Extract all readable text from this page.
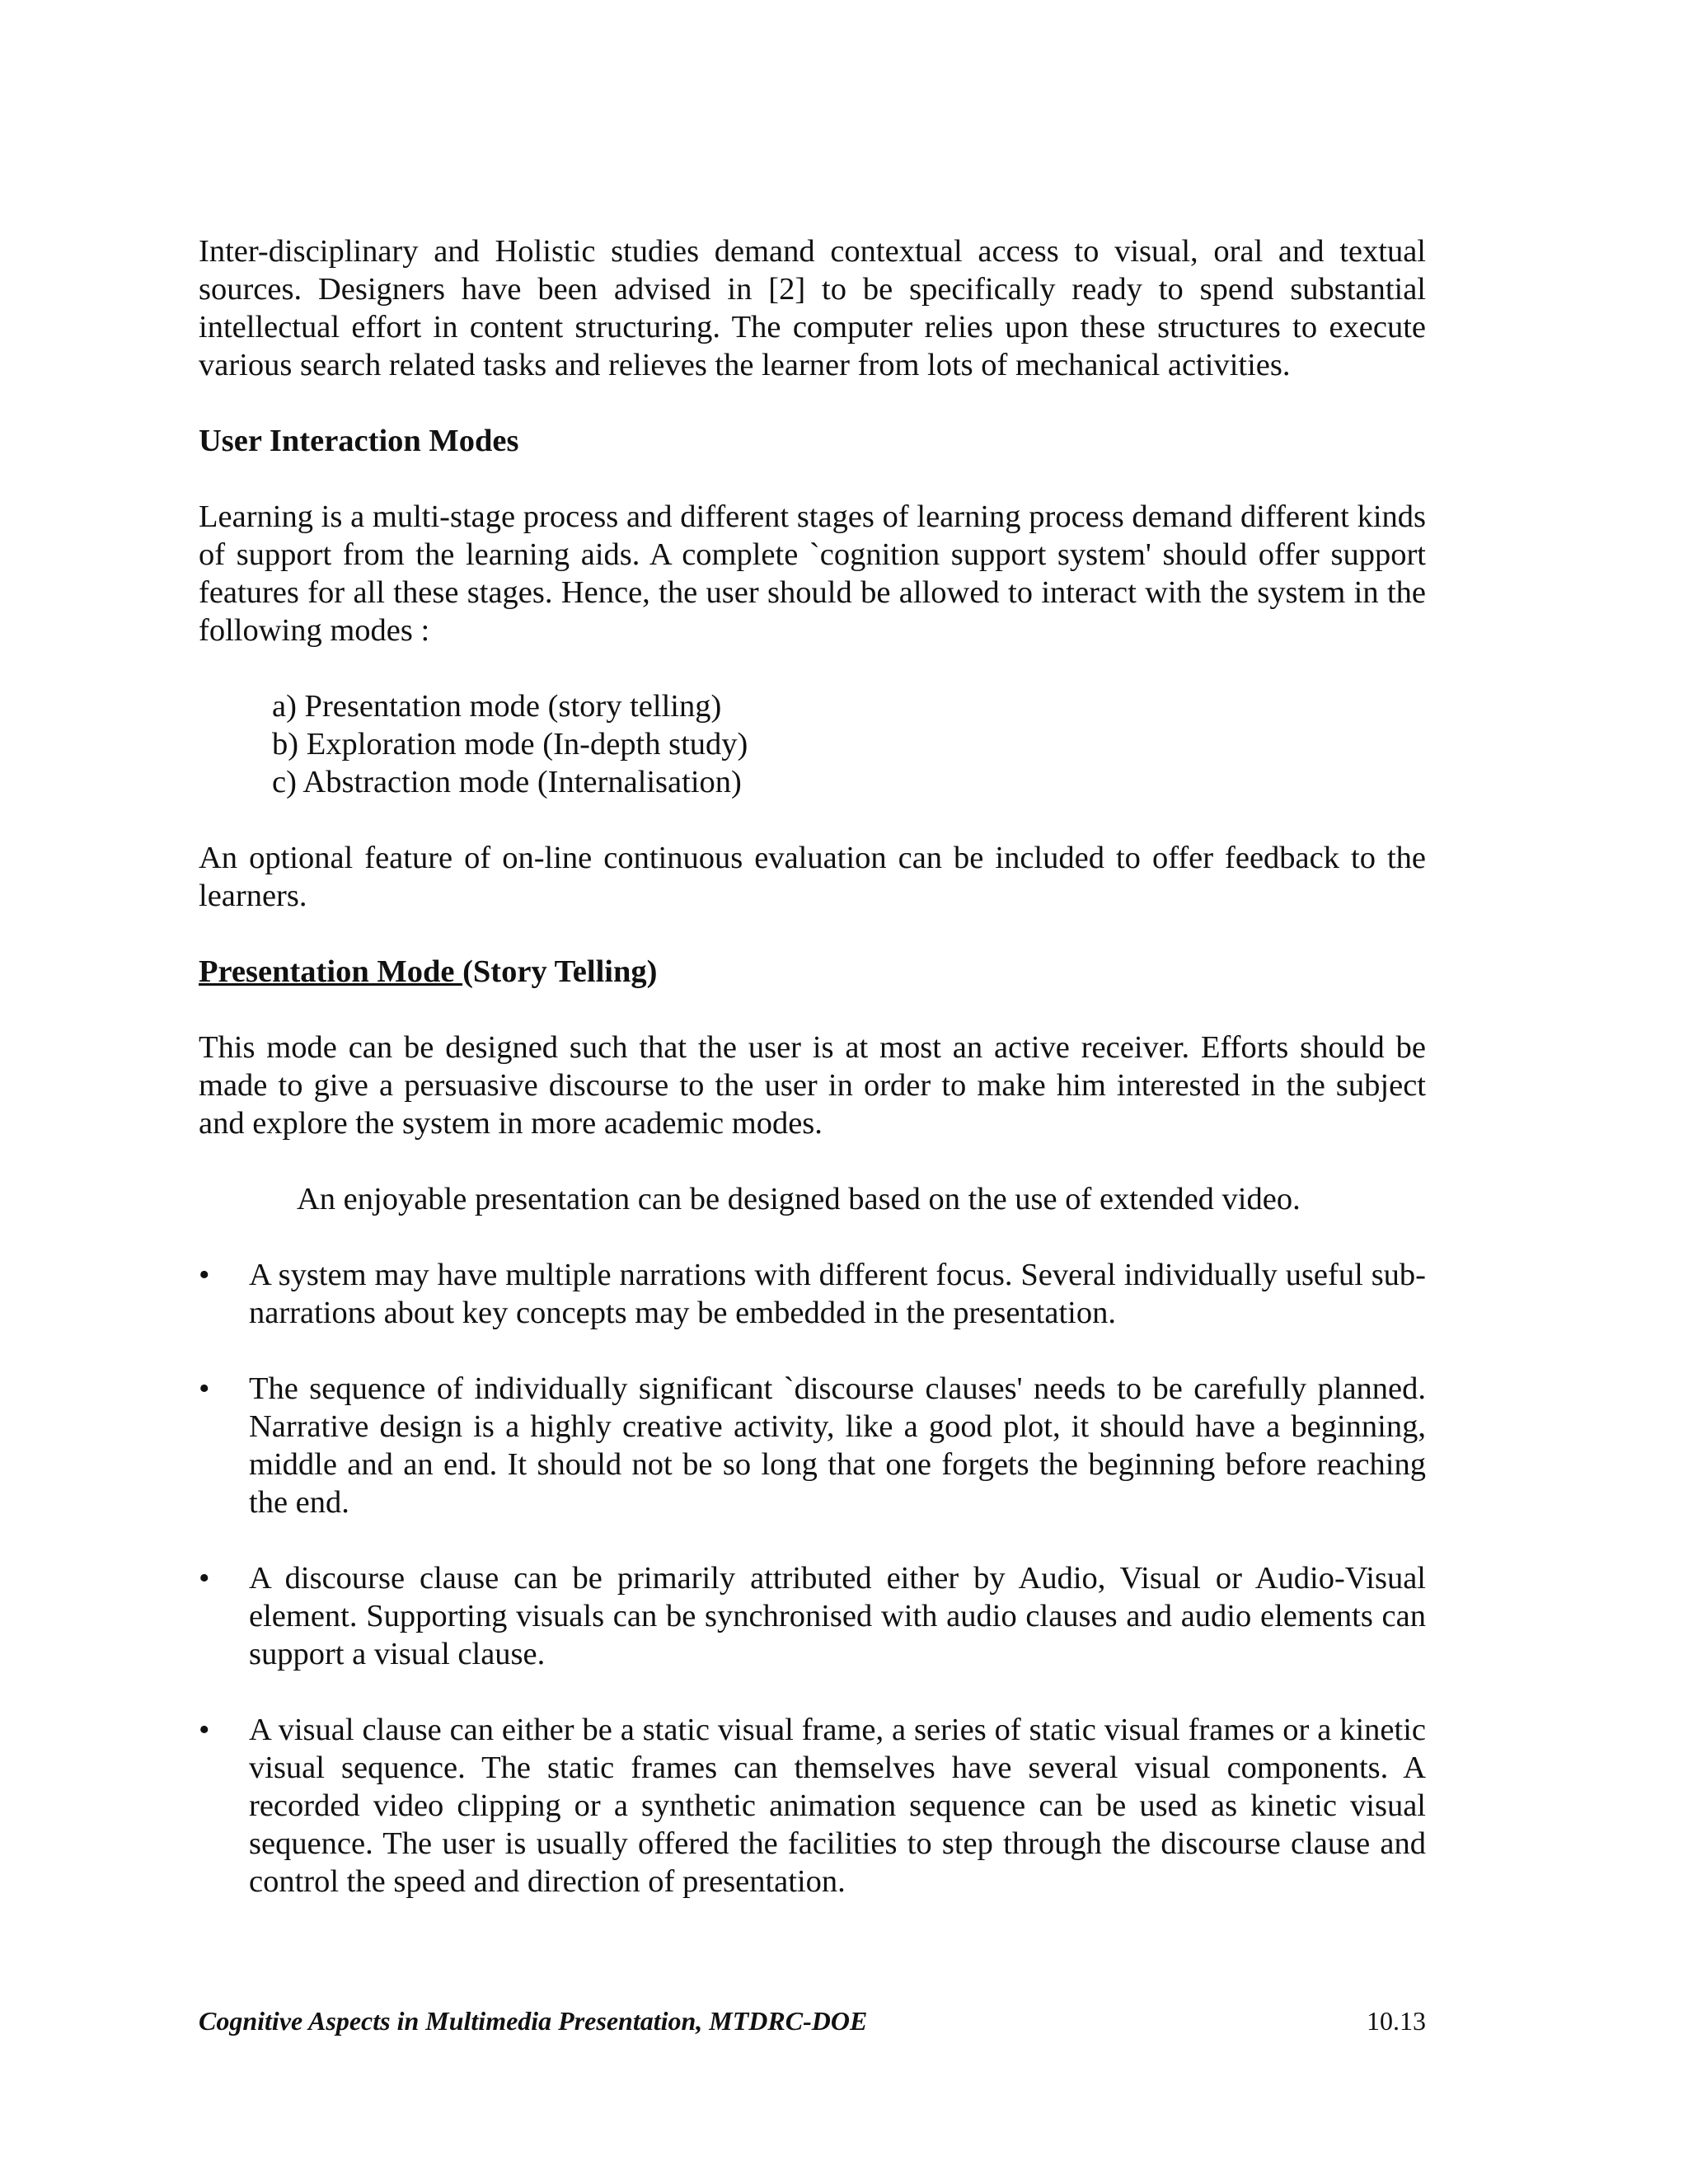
Inter-disciplinary and Holistic studies demand contextual access to visual, oral and textual sources. Designers have been advised in [2] to be specifically ready to spend substantial intellectual effort in content structuring. The computer relies upon these structures to execute various search related tasks and relieves the learner from lots of mechanical activities.

User Interaction Modes

Learning is a multi-stage process and different stages of learning process demand different kinds of support from the learning aids. A complete `cognition support system' should offer support features for all these stages. Hence, the user should be allowed to interact with the system in the following modes :

a) Presentation mode (story telling)
b) Exploration mode (In-depth study)
c) Abstraction mode (Internalisation)

An optional feature of on-line continuous evaluation can be included to offer feedback to the learners.

Presentation Mode (Story Telling)

This mode can be designed such that the user is at most an active receiver. Efforts should be made to give a persuasive discourse to the user in order to make him interested in the subject and explore the system in more academic modes.

An enjoyable presentation can be designed based on the use of extended video.

• A system may have multiple narrations with different focus. Several individually useful sub-narrations about key concepts may be embedded in the presentation.
• The sequence of individually significant `discourse clauses' needs to be carefully planned. Narrative design is a highly creative activity, like a good plot, it should have a beginning, middle and an end. It should not be so long that one forgets the beginning before reaching the end.
• A discourse clause can be primarily attributed either by Audio, Visual or Audio-Visual element. Supporting visuals can be synchronised with audio clauses and audio elements can support a visual clause.
• A visual clause can either be a static visual frame, a series of static visual frames or a kinetic visual sequence. The static frames can themselves have several visual components. A recorded video clipping or a synthetic animation sequence can be used as kinetic visual sequence. The user is usually offered the facilities to step through the discourse clause and control the speed and direction of presentation.
Cognitive Aspects in Multimedia Presentation, MTDRC-DOE	10.13
